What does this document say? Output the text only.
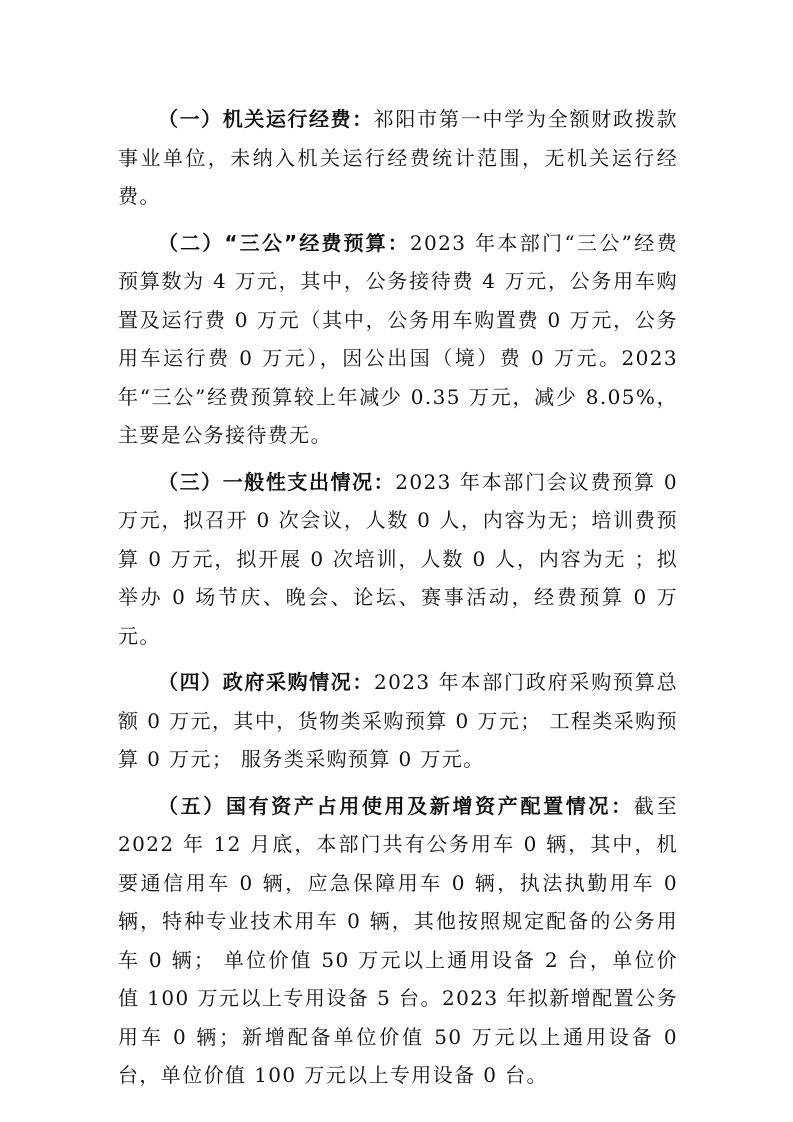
（一）机关运行经费：祁阳市第一中学为全额财政拨款事业单位，未纳入机关运行经费统计范围，无机关运行经费。

（二）“三公”经费预算：2023 年本部门“三公”经费预算数为 4 万元，其中，公务接待费 4 万元，公务用车购置及运行费 0 万元（其中，公务用车购置费 0 万元，公务用车运行费 0 万元），因公出国（境）费 0 万元。2023 年“三公”经费预算较上年减少 0.35 万元，减少 8.05%，主要是公务接待费无。

（三）一般性支出情况：2023 年本部门会议费预算 0 万元，拟召开 0 次会议，人数 0 人，内容为无；培训费预算 0 万元，拟开展 0 次培训，人数 0 人，内容为无 ；拟举办 0 场节庆、晚会、论坛、赛事活动，经费预算 0 万元。

（四）政府采购情况：2023 年本部门政府采购预算总额 0 万元，其中，货物类采购预算 0 万元； 工程类采购预算 0 万元； 服务类采购预算 0 万元。

（五）国有资产占用使用及新增资产配置情况：截至 2022 年 12 月底，本部门共有公务用车 0 辆，其中，机要通信用车 0 辆，应急保障用车 0 辆，执法执勤用车 0 辆，特种专业技术用车 0 辆，其他按照规定配备的公务用车 0 辆； 单位价值 50 万元以上通用设备 2 台，单位价值 100 万元以上专用设备 5 台。2023 年拟新增配置公务用车 0 辆；新增配备单位价值 50 万元以上通用设备 0 台，单位价值 100 万元以上专用设备 0 台。
